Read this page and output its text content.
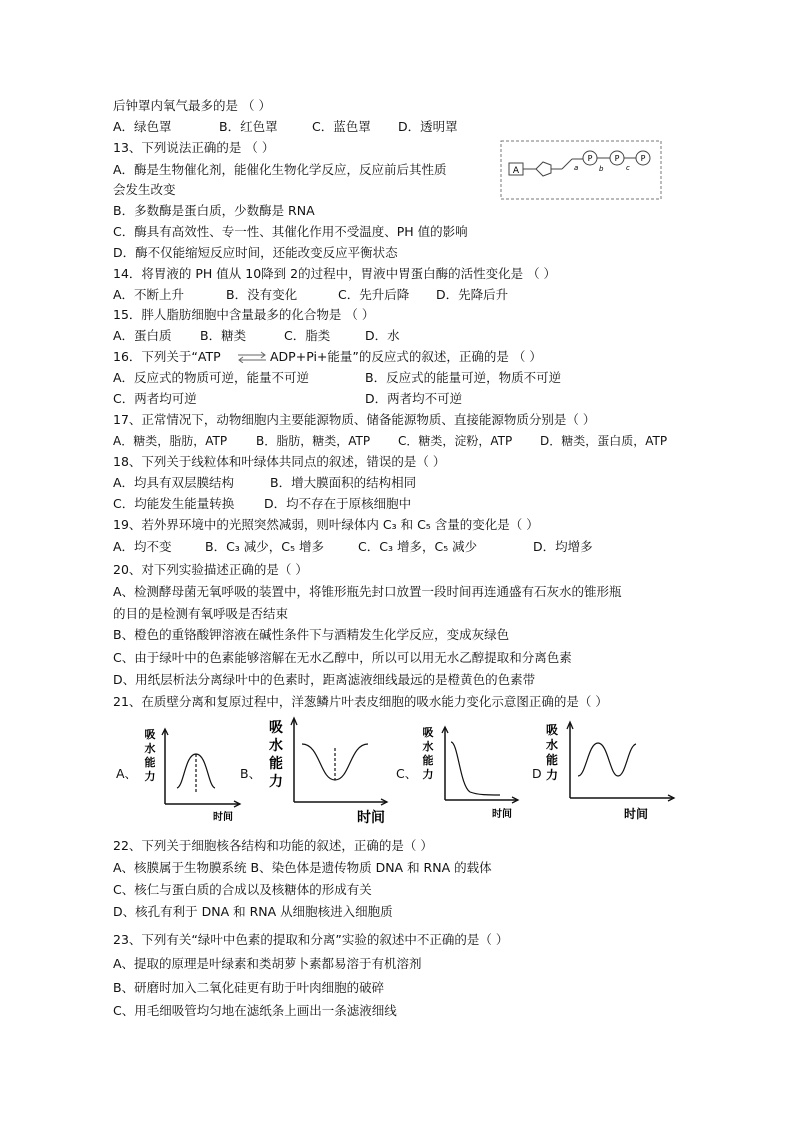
后钟罩内氧气最多的是 （ ）
A．绿色罩	B．红色罩	C．蓝色罩 D．透明罩
13、下列说法正确的是 （ ）
A．酶是生物催化剂，能催化生物化学反应，反应前后其性质
会发生改变
B．多数酶是蛋白质，少数酶是 RNA
C．酶具有高效性、专一性、其催化作用不受温度、PH 值的影响
D．酶不仅能缩短反应时间，还能改变反应平衡状态
A
P	P	P
a	b	c
14．将胃液的 PH 值从 10降到 2的过程中，胃液中胃蛋白酶的活性变化是 （ ）
A．不断上升	B．没有变化	C．先升后降 D．先降后升
15．胖人脂肪细胞中含量最多的化合物是 （ ）
A．蛋白质 B．糖类	C．脂类	D．水
16．下列关于“ATP ⇌ ADP+Pi+能量”的反应式的叙述，正确的是 （ ）
A．反应式的物质可逆，能量不可逆	B．反应式的能量可逆，物质不可逆
C．两者均可逆	D．两者均不可逆
17、正常情况下，动物细胞内主要能源物质、储备能源物质、直接能源物质分别是（ ）
A．糖类，脂肪，ATP B．脂肪，糖类，ATP C．糖类，淀粉，ATP D．糖类，蛋白质，ATP
18、下列关于线粒体和叶绿体共同点的叙述，错误的是（ ）
A．均具有双层膜结构	B．增大膜面积的结构相同
C．均能发生能量转换 D．均不存在于原核细胞中
19、若外界环境中的光照突然减弱，则叶绿体内 C₃ 和 C₅ 含量的变化是（ ）
A．均不变	B．C₃ 减少，C₅ 增多	C．C₃ 增多，C₅ 减少	D．均增多
20、对下列实验描述正确的是（ ）
A、检测酵母菌无氧呼吸的装置中，将锥形瓶先封口放置一段时间再连通盛有石灰水的锥形瓶
的目的是检测有氧呼吸是否结束
B、橙色的重铬酸钾溶液在碱性条件下与酒精发生化学反应，变成灰绿色
C、由于绿叶中的色素能够溶解在无水乙醇中，所以可以用无水乙醇提取和分离色素
D、用纸层析法分离绿叶中的色素时，距离滤液细线最远的是橙黄色的色素带
21、在质壁分离和复原过程中，洋葱鳞片叶表皮细胞的吸水能力变化示意图正确的是（ ）
A、
吸
水
能
力
时间
B、
吸
水
能
力
时间
C、
吸
水
能
力
时间
D
吸
水
能
力
时间
22、下列关于细胞核各结构和功能的叙述，正确的是（ ）
A、核膜属于生物膜系统 B、染色体是遗传物质 DNA 和 RNA 的载体
C、核仁与蛋白质的合成以及核糖体的形成有关
D、核孔有利于 DNA 和 RNA 从细胞核进入细胞质
23、下列有关“绿叶中色素的提取和分离”实验的叙述中不正确的是（ ）
A、提取的原理是叶绿素和类胡萝卜素都易溶于有机溶剂
B、研磨时加入二氧化硅更有助于叶肉细胞的破碎
C、用毛细吸管均匀地在滤纸条上画出一条滤液细线
